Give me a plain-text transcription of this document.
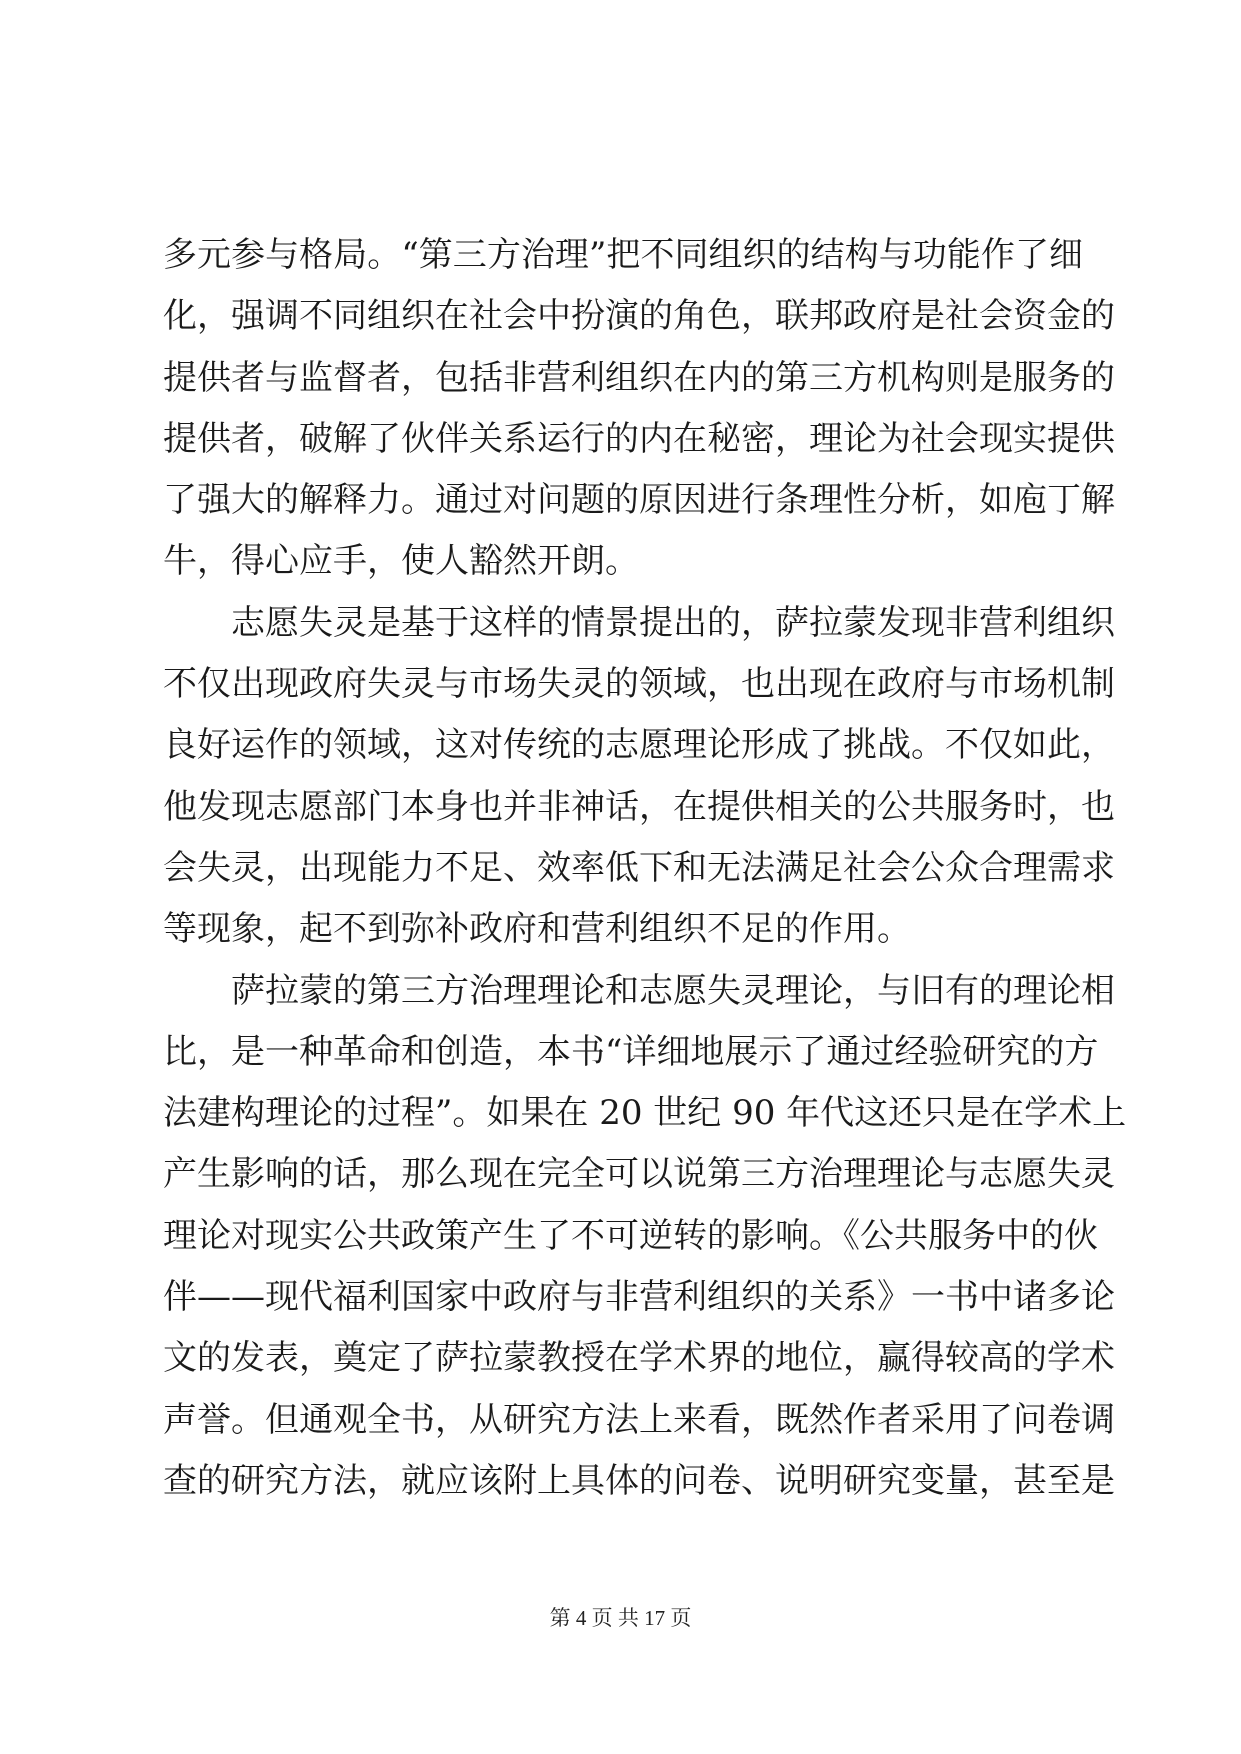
多元参与格局。“第三方治理”把不同组织的结构与功能作了细
化，强调不同组织在社会中扮演的角色，联邦政府是社会资金的
提供者与监督者，包括非营利组织在内的第三方机构则是服务的
提供者，破解了伙伴关系运行的内在秘密，理论为社会现实提供
了强大的解释力。通过对问题的原因进行条理性分析，如庖丁解
牛，得心应手，使人豁然开朗。
志愿失灵是基于这样的情景提出的，萨拉蒙发现非营利组织
不仅出现政府失灵与市场失灵的领域，也出现在政府与市场机制
良好运作的领域，这对传统的志愿理论形成了挑战。不仅如此，
他发现志愿部门本身也并非神话，在提供相关的公共服务时，也
会失灵，出现能力不足、效率低下和无法满足社会公众合理需求
等现象，起不到弥补政府和营利组织不足的作用。
萨拉蒙的第三方治理理论和志愿失灵理论，与旧有的理论相
比，是一种革命和创造，本书“详细地展示了通过经验研究的方
法建构理论的过程”。如果在 20 世纪 90 年代这还只是在学术上
产生影响的话，那么现在完全可以说第三方治理理论与志愿失灵
理论对现实公共政策产生了不可逆转的影响。《公共服务中的伙
伴——现代福利国家中政府与非营利组织的关系》一书中诸多论
文的发表，奠定了萨拉蒙教授在学术界的地位，赢得较高的学术
声誉。但通观全书，从研究方法上来看，既然作者采用了问卷调
查的研究方法，就应该附上具体的问卷、说明研究变量，甚至是
第 4 页 共 17 页
